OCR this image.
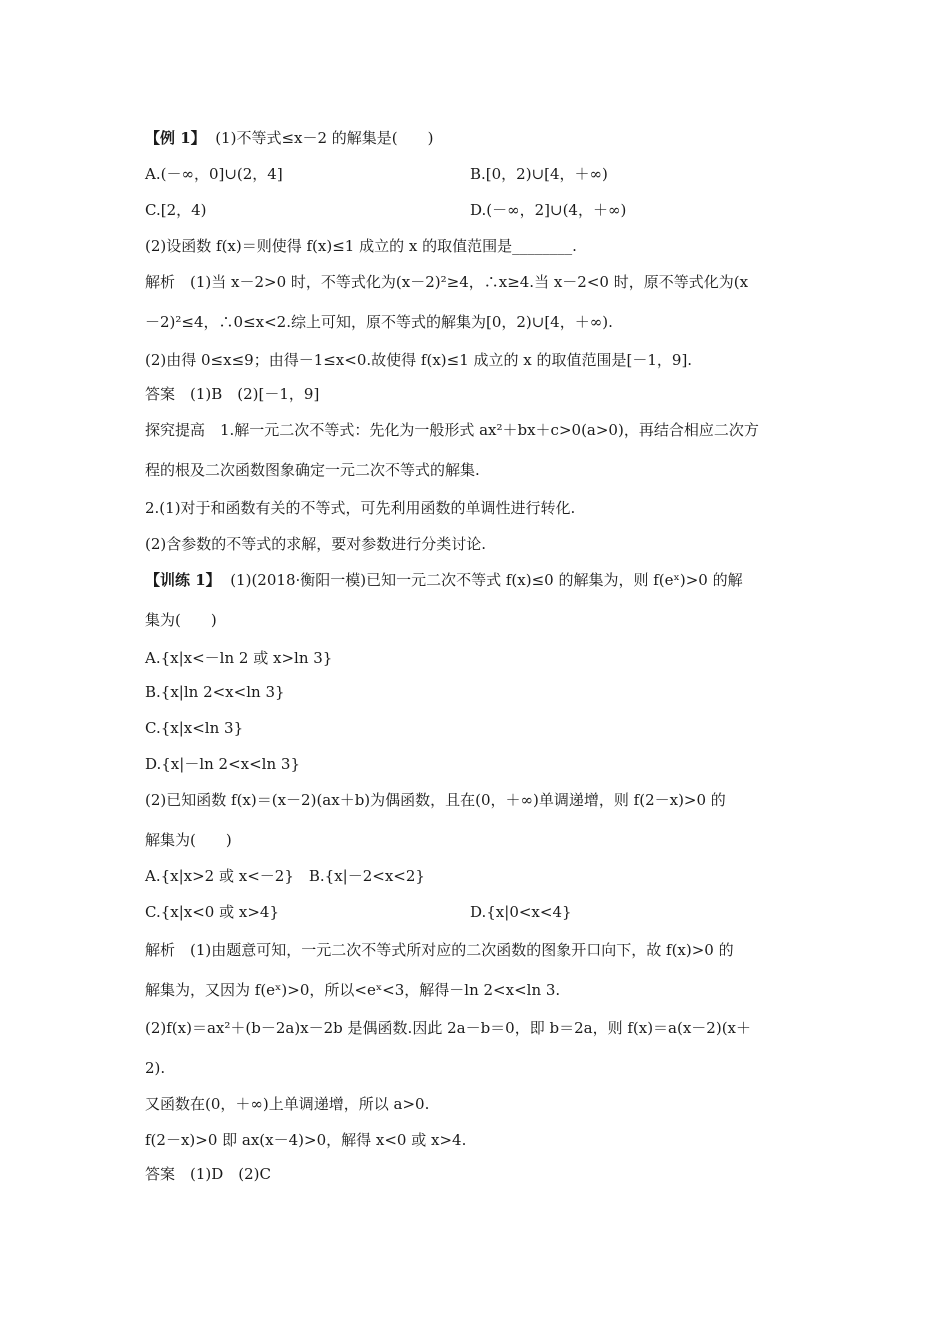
【例 1】  (1)不等式≤x－2 的解集是(　　)
A.(－∞，0]∪(2，4]	B.[0，2)∪[4，＋∞)
C.[2，4)	D.(－∞，2]∪(4，＋∞)
(2)设函数 f(x)＝则使得 f(x)≤1 成立的 x 的取值范围是________.
解析　(1)当 x－2>0 时，不等式化为(x－2)²≥4，∴x≥4.当 x－2<0 时，原不等式化为(x
－2)²≤4，∴0≤x<2.综上可知，原不等式的解集为[0，2)∪[4，＋∞).
(2)由得 0≤x≤9；由得－1≤x<0.故使得 f(x)≤1 成立的 x 的取值范围是[－1，9].
答案　(1)B　(2)[－1，9]
探究提高　1.解一元二次不等式：先化为一般形式 ax²＋bx＋c>0(a>0)，再结合相应二次方
程的根及二次函数图象确定一元二次不等式的解集.
2.(1)对于和函数有关的不等式，可先利用函数的单调性进行转化.
(2)含参数的不等式的求解，要对参数进行分类讨论.
【训练 1】  (1)(2018·衡阳一模)已知一元二次不等式 f(x)≤0 的解集为，则 f(eˣ)>0 的解
集为(　　)
A.{x|x<－ln 2 或 x>ln 3}
B.{x|ln 2<x<ln 3}
C.{x|x<ln 3}
D.{x|－ln 2<x<ln 3}
(2)已知函数 f(x)＝(x－2)(ax＋b)为偶函数，且在(0，＋∞)单调递增，则 f(2－x)>0 的
解集为(　　)
A.{x|x>2 或 x<－2}　B.{x|－2<x<2}
C.{x|x<0 或 x>4}	D.{x|0<x<4}
解析　(1)由题意可知，一元二次不等式所对应的二次函数的图象开口向下，故 f(x)>0 的
解集为，又因为 f(eˣ)>0，所以<eˣ<3，解得－ln 2<x<ln 3.
(2)f(x)＝ax²＋(b－2a)x－2b 是偶函数.因此 2a－b＝0，即 b＝2a，则 f(x)＝a(x－2)(x＋
2).
又函数在(0，＋∞)上单调递增，所以 a>0.
f(2－x)>0 即 ax(x－4)>0，解得 x<0 或 x>4.
答案　(1)D　(2)C
